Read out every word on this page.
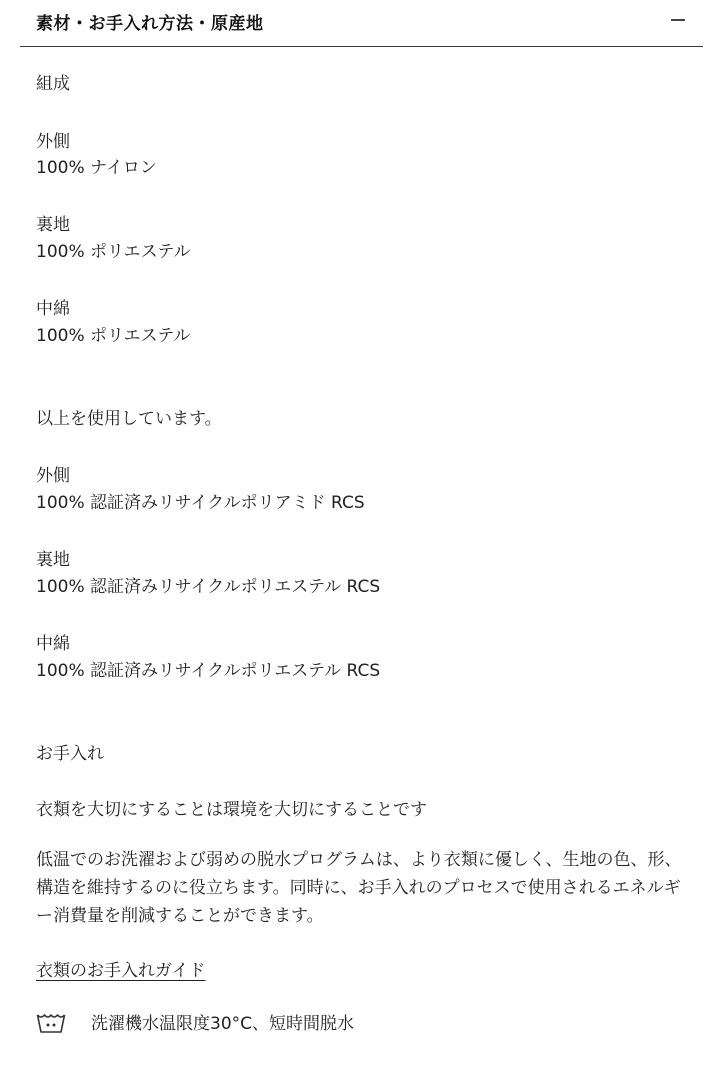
素材・お手入れ方法・原産地
組成
外側
100% ナイロン
裏地
100% ポリエステル
中綿
100% ポリエステル
以上を使用しています。
外側
100% 認証済みリサイクルポリアミド RCS
裏地
100% 認証済みリサイクルポリエステル RCS
中綿
100% 認証済みリサイクルポリエステル RCS
お手入れ
衣類を大切にすることは環境を大切にすることです
低温でのお洗濯および弱めの脱水プログラムは、より衣類に優しく、生地の色、形、構造を維持するのに役立ちます。同時に、お手入れのプロセスで使用されるエネルギー消費量を削減することができます。
衣類のお手入れガイド
洗濯機水温限度30°C、短時間脱水
